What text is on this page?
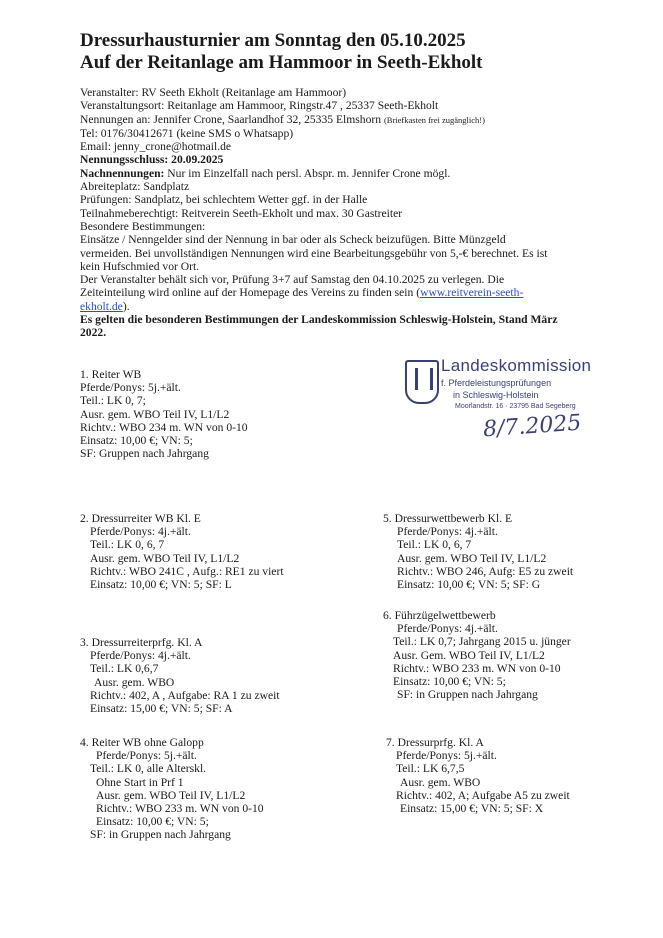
Dressurhausturnier am Sonntag den 05.10.2025
Auf der Reitanlage am Hammoor in Seeth-Ekholt
Veranstalter: RV Seeth Ekholt (Reitanlage am Hammoor)
Veranstaltungsort: Reitanlage am Hammoor, Ringstr.47 , 25337 Seeth-Ekholt
Nennungen an: Jennifer Crone, Saarlandhof 32, 25335 Elmshorn (Briefkasten frei zugänglich!)
Tel: 0176/30412671 (keine SMS o Whatsapp)
Email: jenny_crone@hotmail.de
Nennungsschluss: 20.09.2025
Nachnennungen: Nur im Einzelfall nach persl. Abspr. m. Jennifer Crone mögl.
Abreiteplatz: Sandplatz
Prüfungen: Sandplatz, bei schlechtem Wetter ggf. in der Halle
Teilnahmeberechtigt: Reitverein Seeth-Ekholt und max. 30 Gastreiter
Besondere Bestimmungen:
Einsätze / Nenngelder sind der Nennung in bar oder als Scheck beizufügen. Bitte Münzgeld
vermeiden. Bei unvollständigen Nennungen wird eine Bearbeitungsgebühr von 5,-€ berechnet. Es ist
kein Hufschmied vor Ort.
Der Veranstalter behält sich vor, Prüfung 3+7 auf Samstag den 04.10.2025 zu verlegen. Die
Zeiteinteilung wird online auf der Homepage des Vereins zu finden sein (www.reitverein-seeth-
ekholt.de).
Es gelten die besonderen Bestimmungen der Landeskommission Schleswig-Holstein, Stand März
2022.
Landeskommission
f. Pferdeleistungsprüfungen
in Schleswig-Holstein
Moorlandstr. 16 · 23795 Bad Segeberg
8/7.2025
1. Reiter WB
Pferde/Ponys: 5j.+ält.
Teil.: LK 0, 7;
Ausr. gem. WBO Teil IV, L1/L2
Richtv.: WBO 234 m. WN von 0-10
Einsatz: 10,00 €; VN: 5;
SF: Gruppen nach Jahrgang
2. Dressurreiter WB Kl. E
Pferde/Ponys: 4j.+ält.
Teil.: LK 0, 6, 7
Ausr. gem. WBO Teil IV, L1/L2
Richtv.: WBO 241C , Aufg.: RE1 zu viert
Einsatz: 10,00 €; VN: 5; SF: L
3. Dressurreiterprfg. Kl. A
Pferde/Ponys: 4j.+ält.
Teil.: LK 0,6,7
Ausr. gem. WBO
Richtv.: 402, A , Aufgabe: RA 1 zu zweit
Einsatz: 15,00 €; VN: 5; SF: A
4. Reiter WB ohne Galopp
Pferde/Ponys: 5j.+ält.
Teil.: LK 0, alle Alterskl.
Ohne Start in Prf 1
Ausr. gem. WBO Teil IV, L1/L2
Richtv.: WBO 233 m. WN von 0-10
Einsatz: 10,00 €; VN: 5;
SF: in Gruppen nach Jahrgang
5. Dressurwettbewerb Kl. E
Pferde/Ponys: 4j.+ält.
Teil.: LK 0, 6, 7
Ausr. gem. WBO Teil IV, L1/L2
Richtv.: WBO 246, Aufg: E5 zu zweit
Einsatz: 10,00 €; VN: 5; SF: G
6. Führzügelwettbewerb
Pferde/Ponys: 4j.+ält.
Teil.: LK 0,7; Jahrgang 2015 u. jünger
Ausr. Gem. WBO Teil IV, L1/L2
Richtv.: WBO 233 m. WN von 0-10
Einsatz: 10,00 €; VN: 5;
SF: in Gruppen nach Jahrgang
7. Dressurprfg. Kl. A
Pferde/Ponys: 5j.+ält.
Teil.: LK 6,7,5
Ausr. gem. WBO
Richtv.: 402, A; Aufgabe A5 zu zweit
Einsatz: 15,00 €; VN: 5; SF: X
